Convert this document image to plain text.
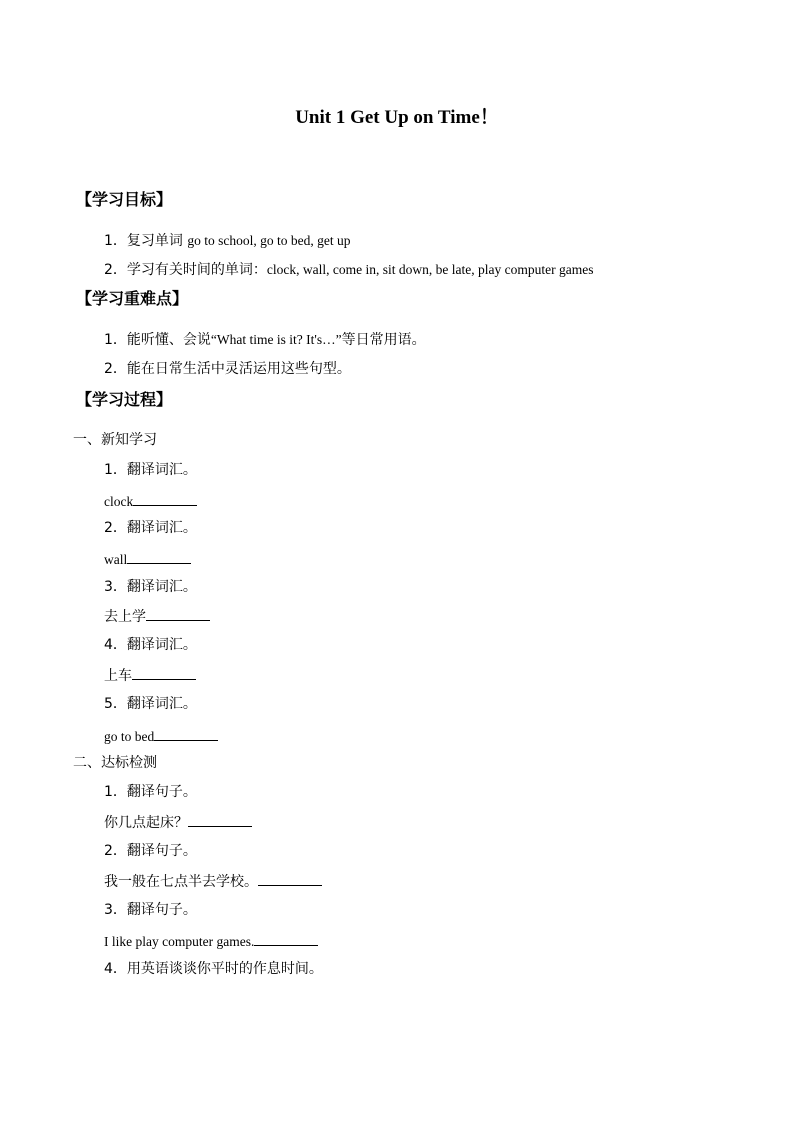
Unit 1 Get Up on Time！
【学习目标】
1．复习单词 go to school, go to bed, get up
2．学习有关时间的单词：clock, wall, come in, sit down, be late, play computer games
【学习重难点】
1．能听懂、会说“What time is it? It's…”等日常用语。
2．能在日常生活中灵活运用这些句型。
【学习过程】
一、新知学习
1．翻译词汇。
clock
2．翻译词汇。
wall
3．翻译词汇。
去上学
4．翻译词汇。
上车
5．翻译词汇。
go to bed
二、达标检测
1．翻译句子。
你几点起床？
2．翻译句子。
我一般在七点半去学校。
3．翻译句子。
I like play computer games.
4．用英语谈谈你平时的作息时间。
